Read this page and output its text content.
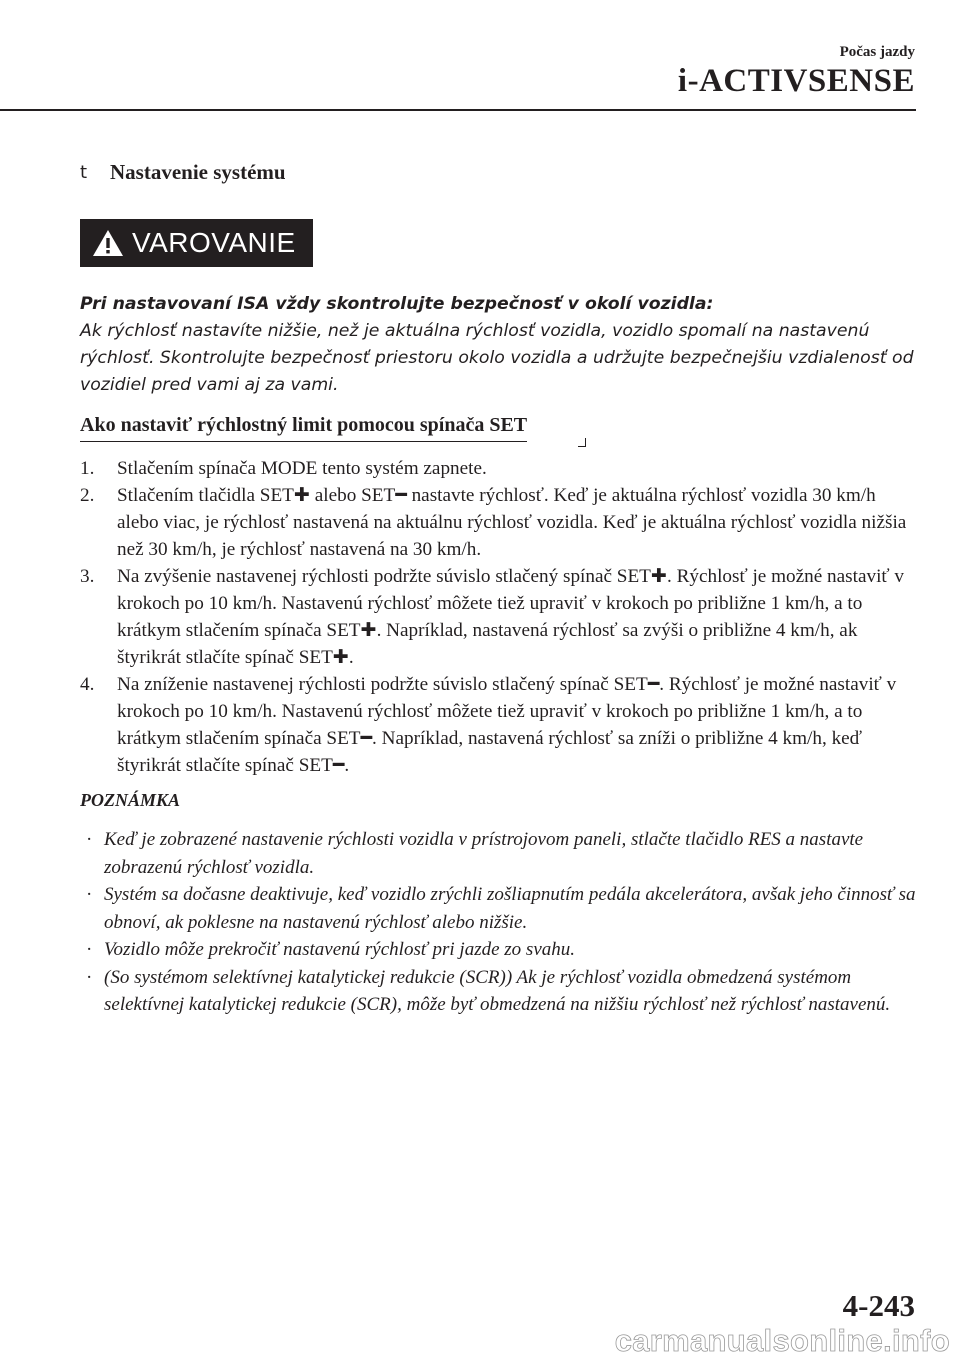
Počas jazdy
i-ACTIVSENSE
t	Nastavenie systému
VAROVANIE

Pri nastavovaní ISA vždy skontrolujte bezpečnosť v okolí vozidla:

Ak rýchlosť nastavíte nižšie, než je aktuálna rýchlosť vozidla, vozidlo spomalí na nastavenú rýchlosť. Skontrolujte bezpečnosť priestoru okolo vozidla a udržujte bezpečnejšiu vzdialenosť od vozidiel pred vami aj za vami.

Ako nastaviť rýchlostný limit pomocou spínača SET
1.	Stlačením spínača MODE tento systém zapnete.
2.	Stlačením tlačidla SET✚ alebo SET━ nastavte rýchlosť. Keď je aktuálna rýchlosť vozidla 30 km/h alebo viac, je rýchlosť nastavená na aktuálnu rýchlosť vozidla. Keď je aktuálna rýchlosť vozidla nižšia než 30 km/h, je rýchlosť nastavená na 30 km/h.
3.	Na zvýšenie nastavenej rýchlosti podržte súvislo stlačený spínač SET✚. Rýchlosť je možné nastaviť v krokoch po 10 km/h. Nastavenú rýchlosť môžete tiež upraviť v krokoch po približne 1 km/h, a to krátkym stlačením spínača SET✚. Napríklad, nastavená rýchlosť sa zvýši o približne 4 km/h, ak štyrikrát stlačíte spínač SET✚.
4.	Na zníženie nastavenej rýchlosti podržte súvislo stlačený spínač SET━. Rýchlosť je možné nastaviť v krokoch po 10 km/h. Nastavenú rýchlosť môžete tiež upraviť v krokoch po približne 1 km/h, a to krátkym stlačením spínača SET━. Napríklad, nastavená rýchlosť sa zníži o približne 4 km/h, keď štyrikrát stlačíte spínač SET━.
POZNÁMKA
· Keď je zobrazené nastavenie rýchlosti vozidla v prístrojovom paneli, stlačte tlačidlo RES a nastavte zobrazenú rýchlosť vozidla.
· Systém sa dočasne deaktivuje, keď vozidlo zrýchli zošliapnutím pedála akcelerátora, avšak jeho činnosť sa obnoví, ak poklesne na nastavenú rýchlosť alebo nižšie.
· Vozidlo môže prekročiť nastavenú rýchlosť pri jazde zo svahu.
· (So systémom selektívnej katalytickej redukcie (SCR)) Ak je rýchlosť vozidla obmedzená systémom selektívnej katalytickej redukcie (SCR), môže byť obmedzená na nižšiu rýchlosť než rýchlosť nastavenú.
4-243
carmanualsonline.info
